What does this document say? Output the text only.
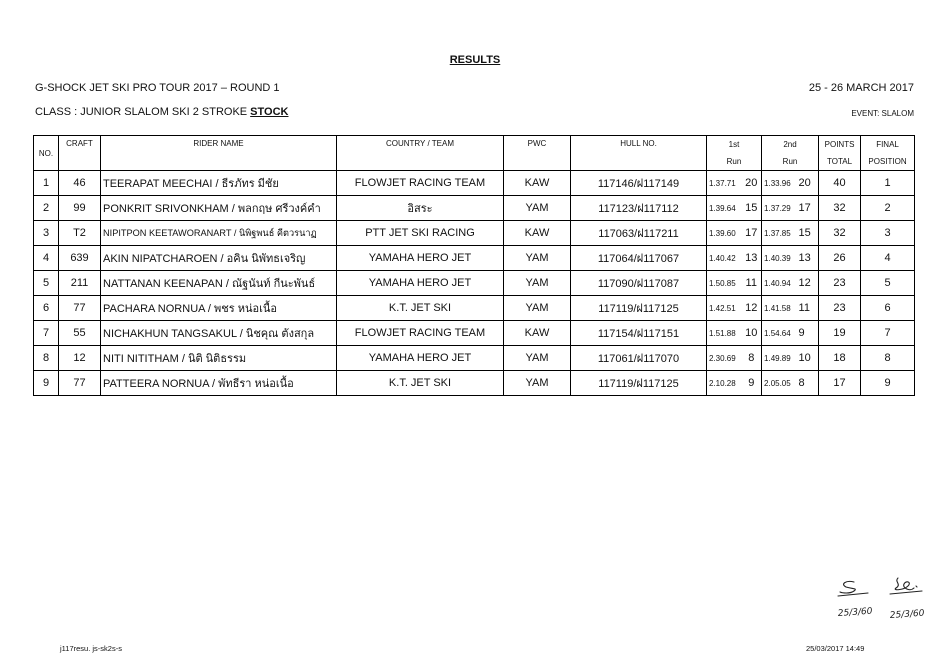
RESULTS
G-SHOCK JET SKI PRO TOUR 2017 – ROUND 1	25 - 26 MARCH 2017
CLASS : JUNIOR SLALOM SKI 2 STROKE STOCK	EVENT: SLALOM
NO.	CRAFT	RIDER NAME	COUNTRY / TEAM	PWC	HULL NO.	1st		2nd		POINTS	FINAL
						Run		Run		TOTAL	POSITION
1	46	TEERAPAT MEECHAI / ธีรภัทร มีชัย	FLOWJET RACING TEAM	KAW	117146/ฝ117149	1.37.71	20	1.33.96	20	40	1
2	99	PONKRIT SRIVONKHAM / พลกฤษ ศรีวงค์คำ	อิสระ	YAM	117123/ฝ117112	1.39.64	15	1.37.29	17	32	2
3	T2	NIPITPON KEETAWORANART / นิพิฐพนธ์ คีตวรนาฏ	PTT JET SKI RACING	KAW	117063/ฝ117211	1.39.60	17	1.37.85	15	32	3
4	639	AKIN NIPATCHAROEN / อคิน นิพัทธเจริญ	YAMAHA HERO JET	YAM	117064/ฝ117067	1.40.42	13	1.40.39	13	26	4
5	211	NATTANAN KEENAPAN / ณัฐนันท์ กีนะพันธ์	YAMAHA HERO JET	YAM	117090/ฝ117087	1.50.85	11	1.40.94	12	23	5
6	77	PACHARA NORNUA / พชร หน่อเนื้อ	K.T. JET SKI	YAM	117119/ฝ117125	1.42.51	12	1.41.58	11	23	6
7	55	NICHAKHUN TANGSAKUL / นิชคุณ ตังสกุล	FLOWJET RACING TEAM	KAW	117154/ฝ117151	1.51.88	10	1.54.64	9	19	7
8	12	NITI NITITHAM / นิติ นิติธรรม	YAMAHA HERO JET	YAM	117061/ฝ117070	2.30.69	8	1.49.89	10	18	8
9	77	PATTEERA NORNUA / พัทธีรา หน่อเนื้อ	K.T. JET SKI	YAM	117119/ฝ117125	2.10.28	9	2.05.05	8	17	9
25/3/60 25/3/60
j117resu. js-sk2s-s	25/03/2017 14:49
